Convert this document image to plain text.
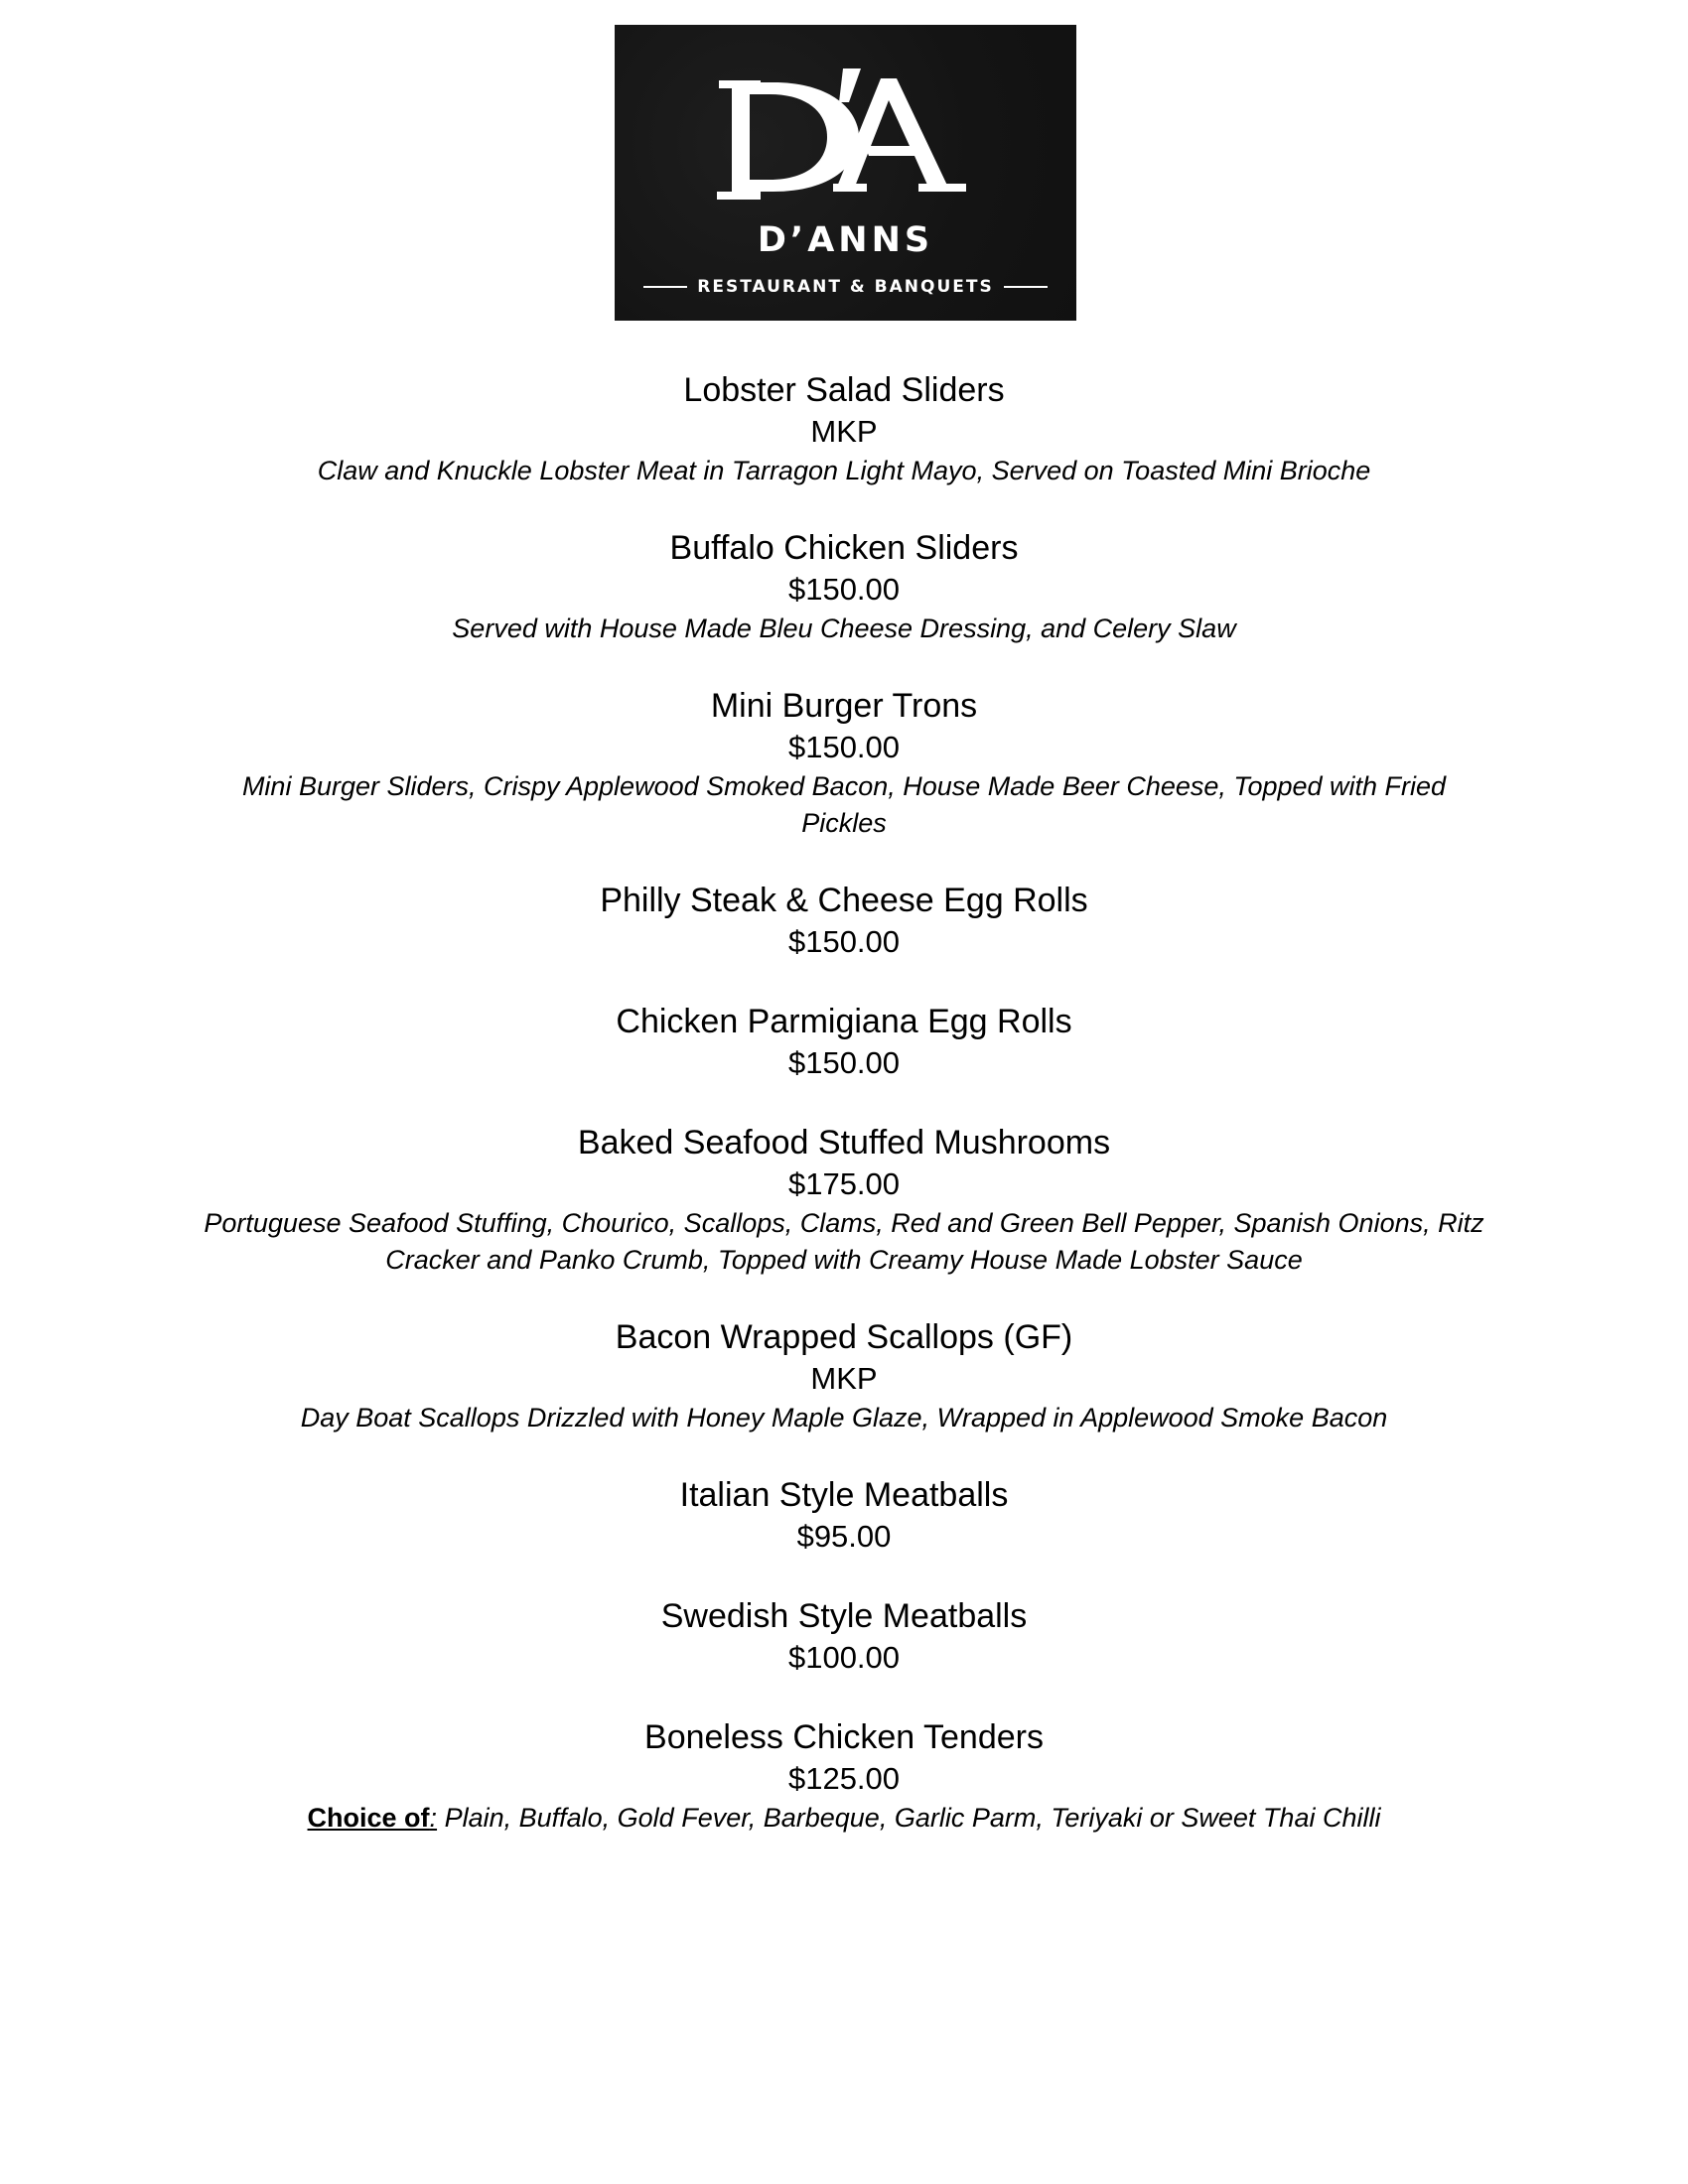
D’ANNS
RESTAURANT & BANQUETS
Lobster Salad Sliders
MKP
Claw and Knuckle Lobster Meat in Tarragon Light Mayo, Served on Toasted Mini Brioche
Buffalo Chicken Sliders
$150.00
Served with House Made Bleu Cheese Dressing, and Celery Slaw
Mini Burger Trons
$150.00
Mini Burger Sliders, Crispy Applewood Smoked Bacon, House Made Beer Cheese, Topped with Fried Pickles
Philly Steak & Cheese Egg Rolls
$150.00
Chicken Parmigiana Egg Rolls
$150.00
Baked Seafood Stuffed Mushrooms
$175.00
Portuguese Seafood Stuffing, Chourico, Scallops, Clams, Red and Green Bell Pepper, Spanish Onions, Ritz Cracker and Panko Crumb, Topped with Creamy House Made Lobster Sauce
Bacon Wrapped Scallops (GF)
MKP
Day Boat Scallops Drizzled with Honey Maple Glaze, Wrapped in Applewood Smoke Bacon
Italian Style Meatballs
$95.00
Swedish Style Meatballs
$100.00
Boneless Chicken Tenders
$125.00
Choice of: Plain, Buffalo, Gold Fever, Barbeque, Garlic Parm, Teriyaki or Sweet Thai Chilli
